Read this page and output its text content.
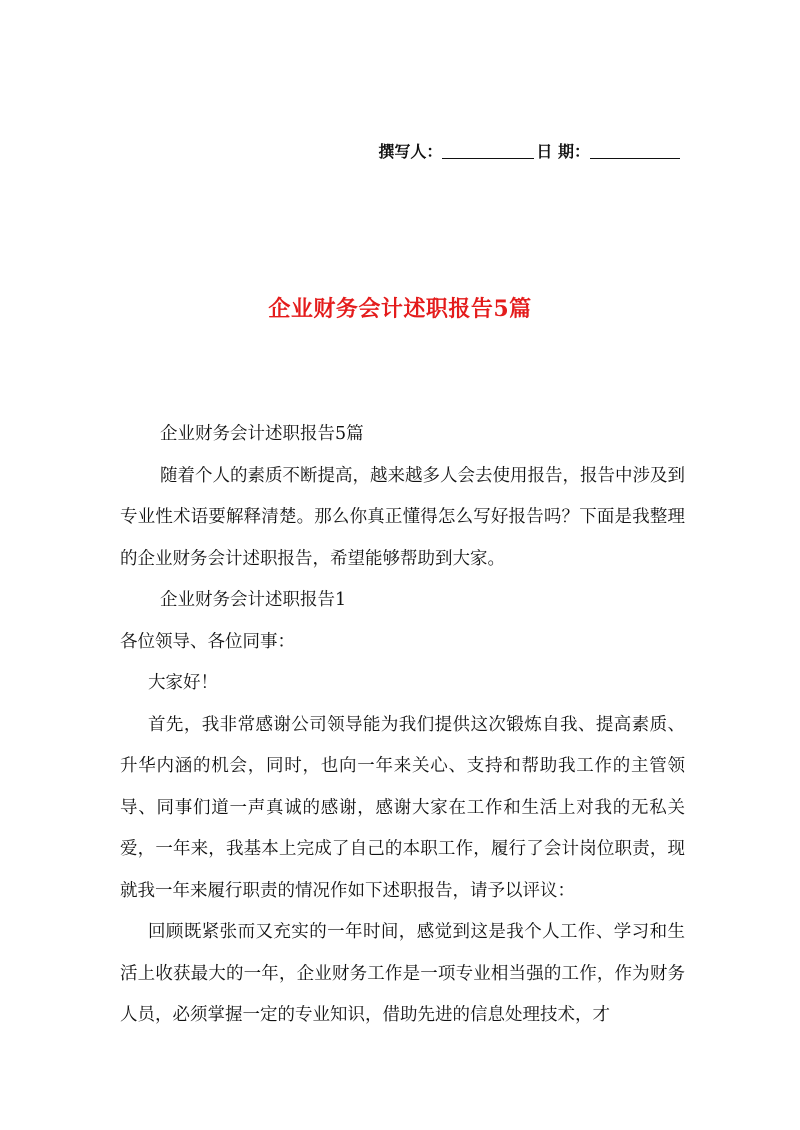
撰写人：	日 期：
企业财务会计述职报告5篇

企业财务会计述职报告5篇

随着个人的素质不断提高，越来越多人会去使用报告，报告中涉及到专业性术语要解释清楚。那么你真正懂得怎么写好报告吗？下面是我整理的企业财务会计述职报告，希望能够帮助到大家。

企业财务会计述职报告1

各位领导、各位同事：

大家好！

首先，我非常感谢公司领导能为我们提供这次锻炼自我、提高素质、升华内涵的机会，同时，也向一年来关心、支持和帮助我工作的主管领导、同事们道一声真诚的感谢，感谢大家在工作和生活上对我的无私关爱，一年来，我基本上完成了自己的本职工作，履行了会计岗位职责，现就我一年来履行职责的情况作如下述职报告，请予以评议：

回顾既紧张而又充实的一年时间，感觉到这是我个人工作、学习和生活上收获最大的一年，企业财务工作是一项专业相当强的工作，作为财务人员，必须掌握一定的专业知识，借助先进的信息处理技术，才
